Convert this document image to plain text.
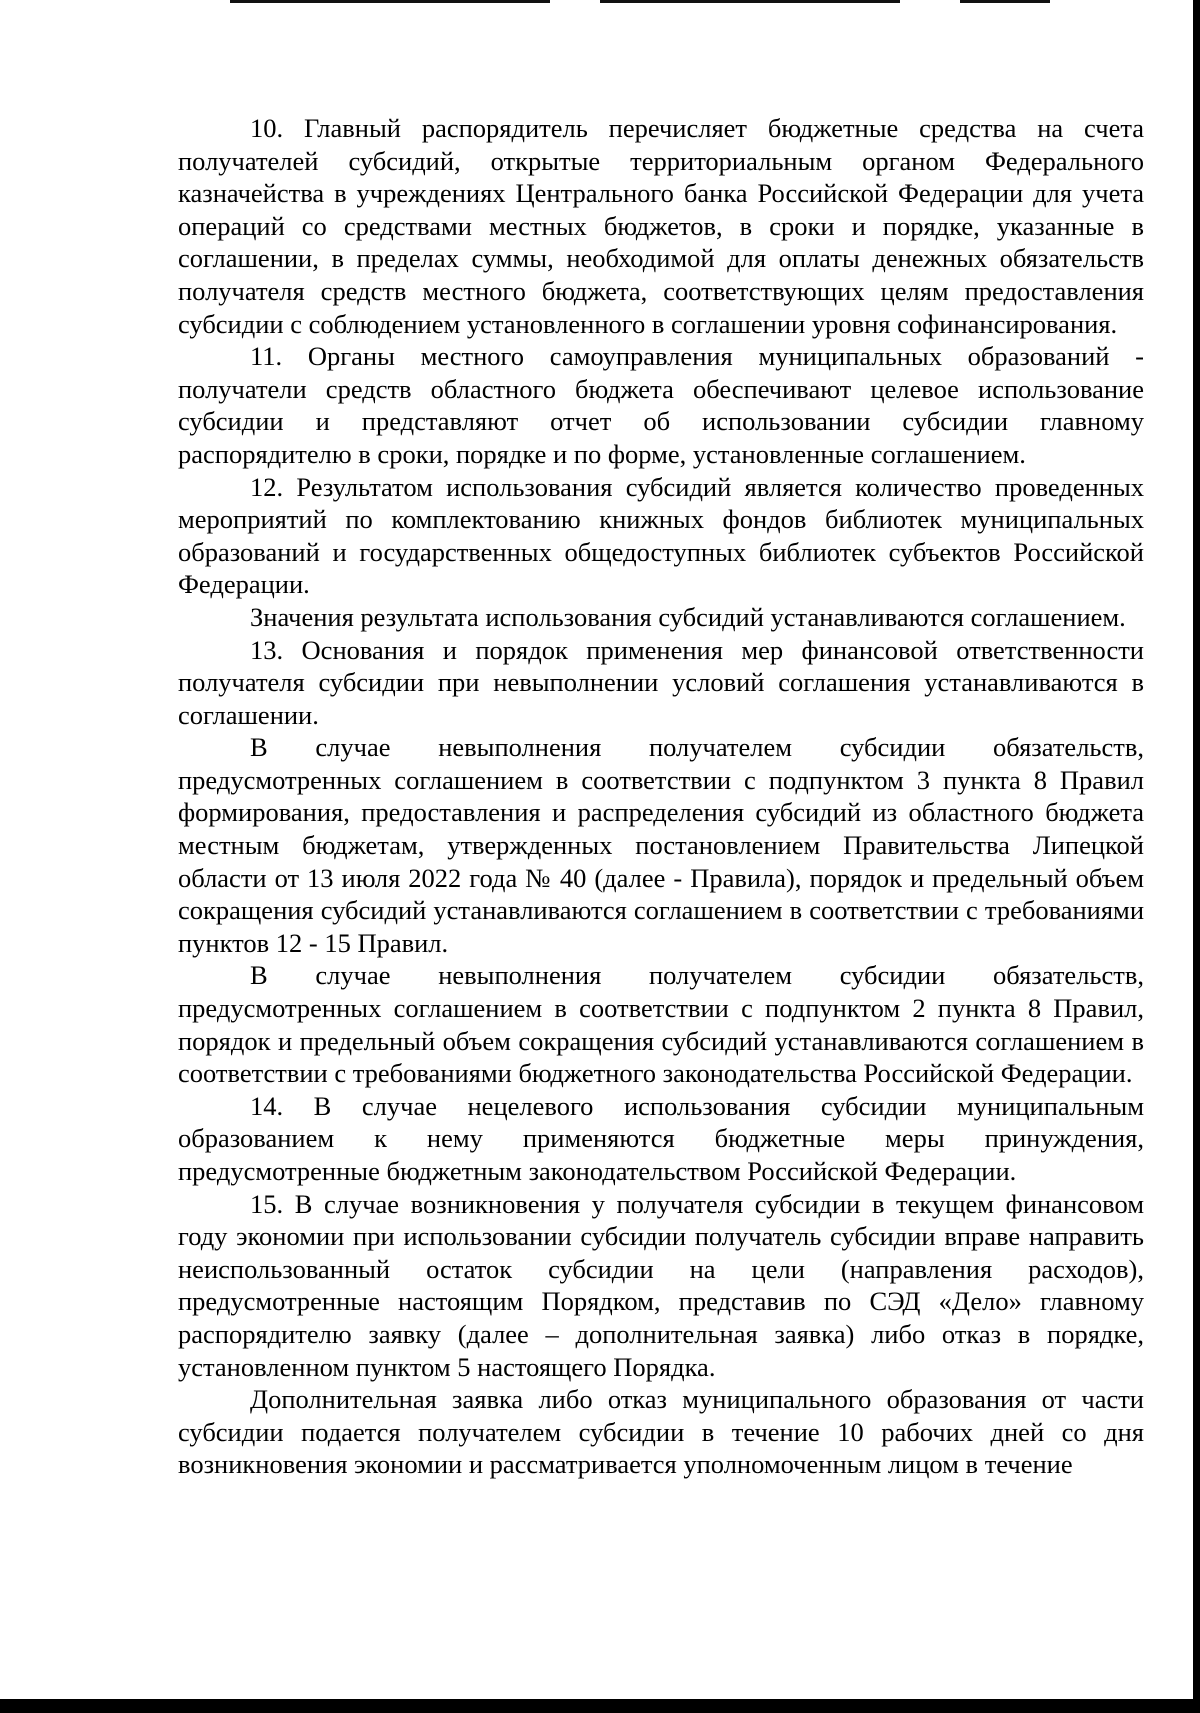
10. Главный распорядитель перечисляет бюджетные средства на счета получателей субсидий, открытые территориальным органом Федерального казначейства в учреждениях Центрального банка Российской Федерации для учета операций со средствами местных бюджетов, в сроки и порядке, указанные в соглашении, в пределах суммы, необходимой для оплаты денежных обязательств получателя средств местного бюджета, соответствующих целям предоставления субсидии с соблюдением установленного в соглашении уровня софинансирования.

11. Органы местного самоуправления муниципальных образований - получатели средств областного бюджета обеспечивают целевое использование субсидии и представляют отчет об использовании субсидии главному распорядителю в сроки, порядке и по форме, установленные соглашением.

12. Результатом использования субсидий является количество проведенных мероприятий по комплектованию книжных фондов библиотек муниципальных образований и государственных общедоступных библиотек субъектов Российской Федерации.

Значения результата использования субсидий устанавливаются соглашением.

13. Основания и порядок применения мер финансовой ответственности получателя субсидии при невыполнении условий соглашения устанавливаются в соглашении.

В случае невыполнения получателем субсидии обязательств, предусмотренных соглашением в соответствии с подпунктом 3 пункта 8 Правил формирования, предоставления и распределения субсидий из областного бюджета местным бюджетам, утвержденных постановлением Правительства Липецкой области от 13 июля 2022 года № 40 (далее - Правила), порядок и предельный объем сокращения субсидий устанавливаются соглашением в соответствии с требованиями пунктов 12 - 15 Правил.

В случае невыполнения получателем субсидии обязательств, предусмотренных соглашением в соответствии с подпунктом 2 пункта 8 Правил, порядок и предельный объем сокращения субсидий устанавливаются соглашением в соответствии с требованиями бюджетного законодательства Российской Федерации.

14. В случае нецелевого использования субсидии муниципальным образованием к нему применяются бюджетные меры принуждения, предусмотренные бюджетным законодательством Российской Федерации.

15. В случае возникновения у получателя субсидии в текущем финансовом году экономии при использовании субсидии получатель субсидии вправе направить неиспользованный остаток субсидии на цели (направления расходов), предусмотренные настоящим Порядком, представив по СЭД «Дело» главному распорядителю заявку (далее – дополнительная заявка) либо отказ в порядке, установленном пунктом 5 настоящего Порядка.

Дополнительная заявка либо отказ муниципального образования от части субсидии подается получателем субсидии в течение 10 рабочих дней со дня возникновения экономии и рассматривается уполномоченным лицом в течение
